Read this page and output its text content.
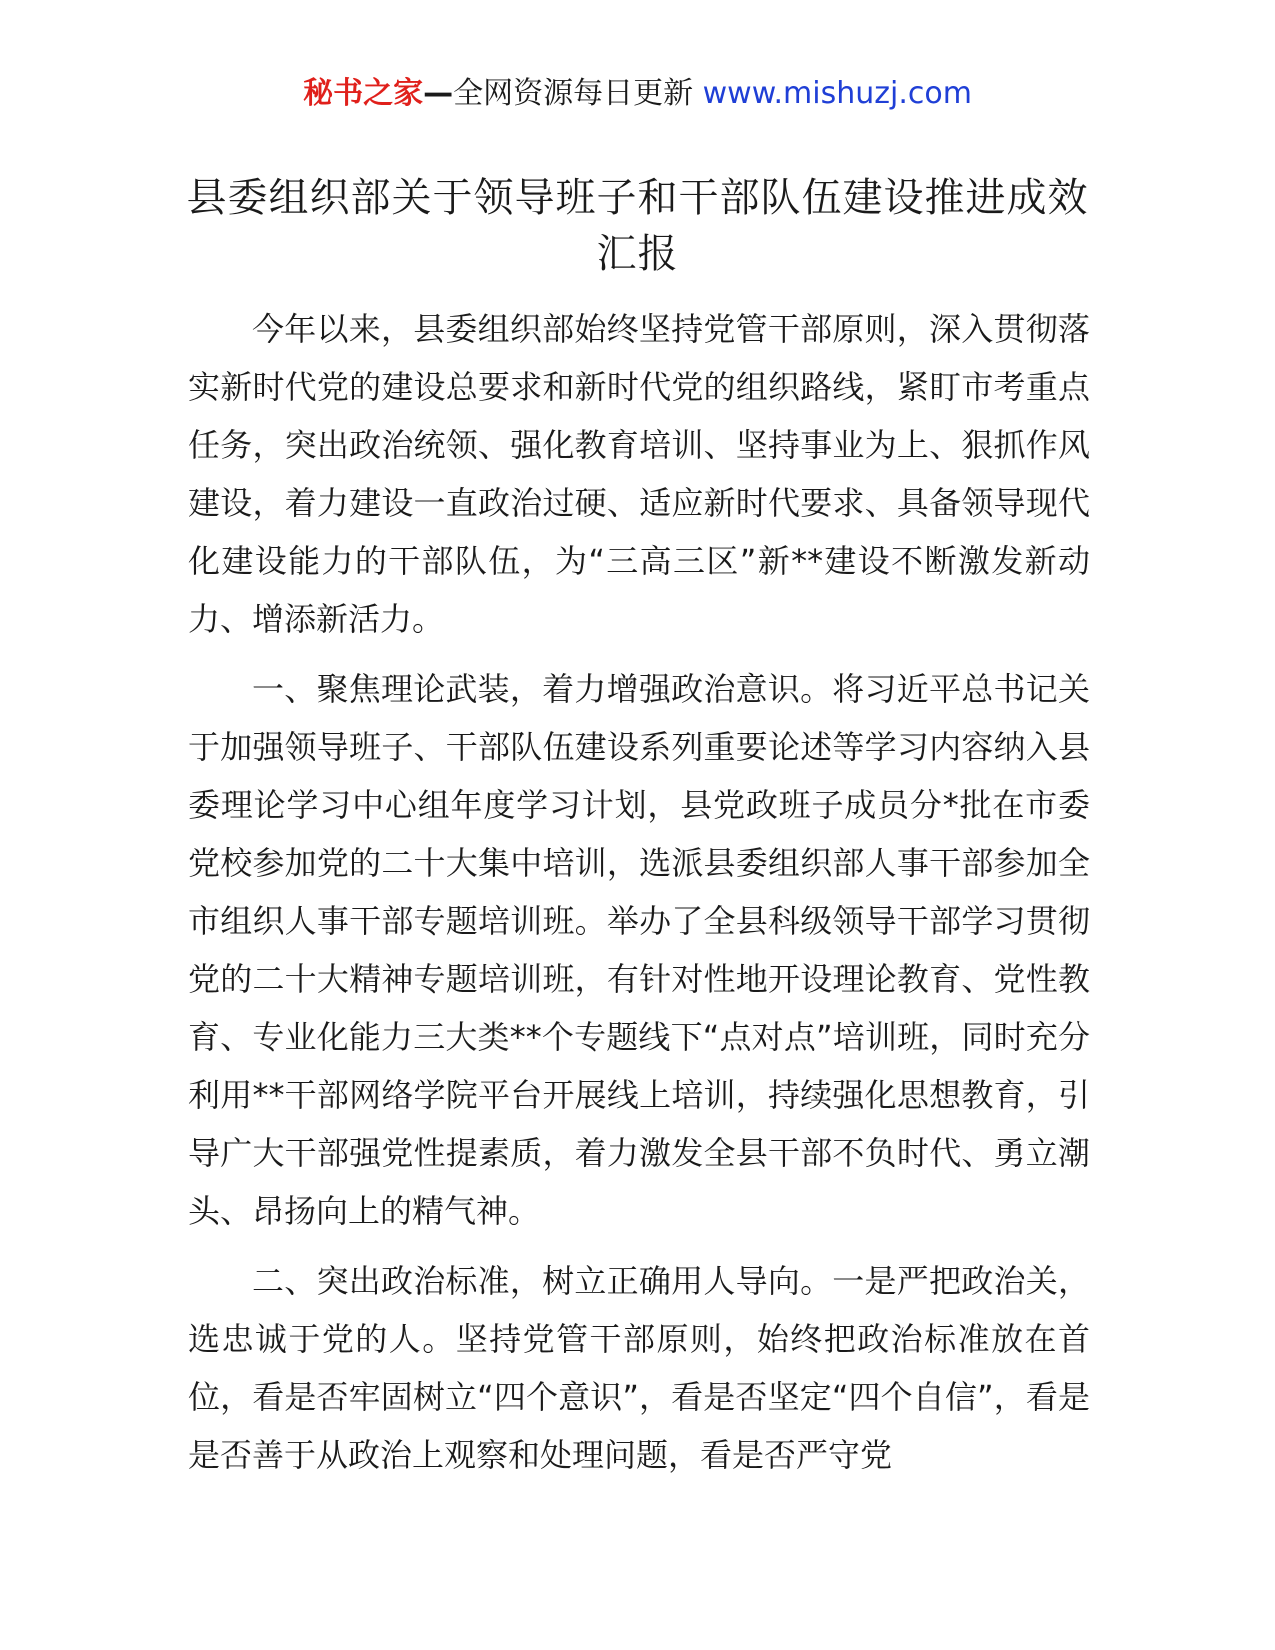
秘书之家—全网资源每日更新 www.mishuzj.com
县委组织部关于领导班子和干部队伍建设推进成效汇报

今年以来，县委组织部始终坚持党管干部原则，深入贯彻落实新时代党的建设总要求和新时代党的组织路线，紧盯市考重点任务，突出政治统领、强化教育培训、坚持事业为上、狠抓作风建设，着力建设一直政治过硬、适应新时代要求、具备领导现代化建设能力的干部队伍，为“三高三区”新**建设不断激发新动力、增添新活力。

一、聚焦理论武装，着力增强政治意识。将习近平总书记关于加强领导班子、干部队伍建设系列重要论述等学习内容纳入县委理论学习中心组年度学习计划，县党政班子成员分*批在市委党校参加党的二十大集中培训，选派县委组织部人事干部参加全市组织人事干部专题培训班。举办了全县科级领导干部学习贯彻党的二十大精神专题培训班，有针对性地开设理论教育、党性教育、专业化能力三大类**个专题线下“点对点”培训班，同时充分利用**干部网络学院平台开展线上培训，持续强化思想教育，引导广大干部强党性提素质，着力激发全县干部不负时代、勇立潮头、昂扬向上的精气神。

二、突出政治标准，树立正确用人导向。一是严把政治关，选忠诚于党的人。坚持党管干部原则，始终把政治标准放在首位，看是否牢固树立“四个意识”，看是否坚定“四个自信”，看是是否善于从政治上观察和处理问题，看是否严守党
